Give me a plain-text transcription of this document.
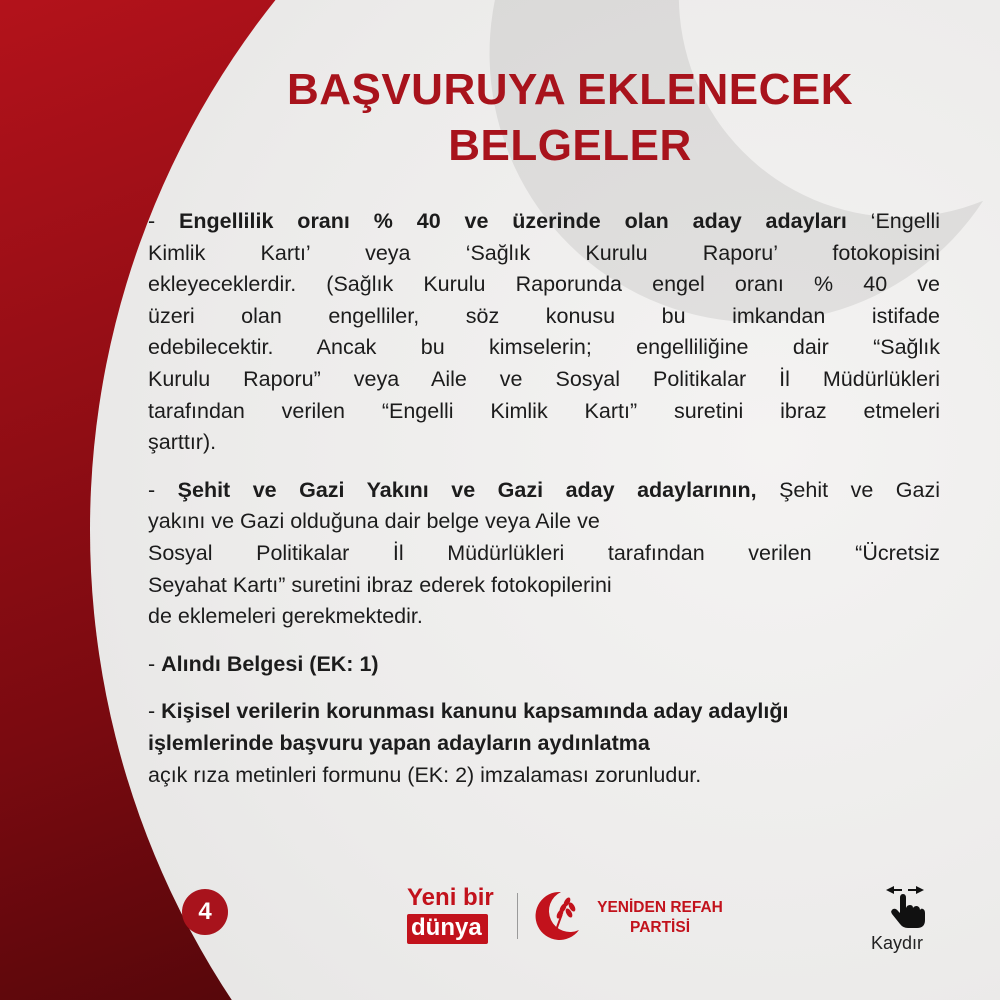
BAŞVURUYA EKLENECEK
BELGELER
- Engellilik oranı % 40 ve üzerinde olan aday adayları ‘Engelli
Kimlik Kartı’ veya ‘Sağlık Kurulu Raporu’ fotokopisini
ekleyeceklerdir. (Sağlık Kurulu Raporunda engel oranı % 40 ve
üzeri olan engelliler, söz konusu bu imkandan istifade
edebilecektir. Ancak bu kimselerin; engelliliğine dair “Sağlık
Kurulu Raporu” veya Aile ve Sosyal Politikalar İl Müdürlükleri
tarafından verilen “Engelli Kimlik Kartı” suretini ibraz etmeleri
şarttır).
- Şehit ve Gazi Yakını ve Gazi aday adaylarının, Şehit ve Gazi
yakını ve Gazi olduğuna dair belge veya Aile ve
Sosyal Politikalar İl Müdürlükleri tarafından verilen “Ücretsiz
Seyahat Kartı” suretini ibraz ederek fotokopilerini
de eklemeleri gerekmektedir.
- Alındı Belgesi (EK: 1)
- Kişisel verilerin korunması kanunu kapsamında aday adaylığı
işlemlerinde başvuru yapan adayların aydınlatma
açık rıza metinleri formunu (EK: 2) imzalaması zorunludur.
4
Yeni bir
dünya
YENİDEN REFAH
PARTİSİ
Kaydır
